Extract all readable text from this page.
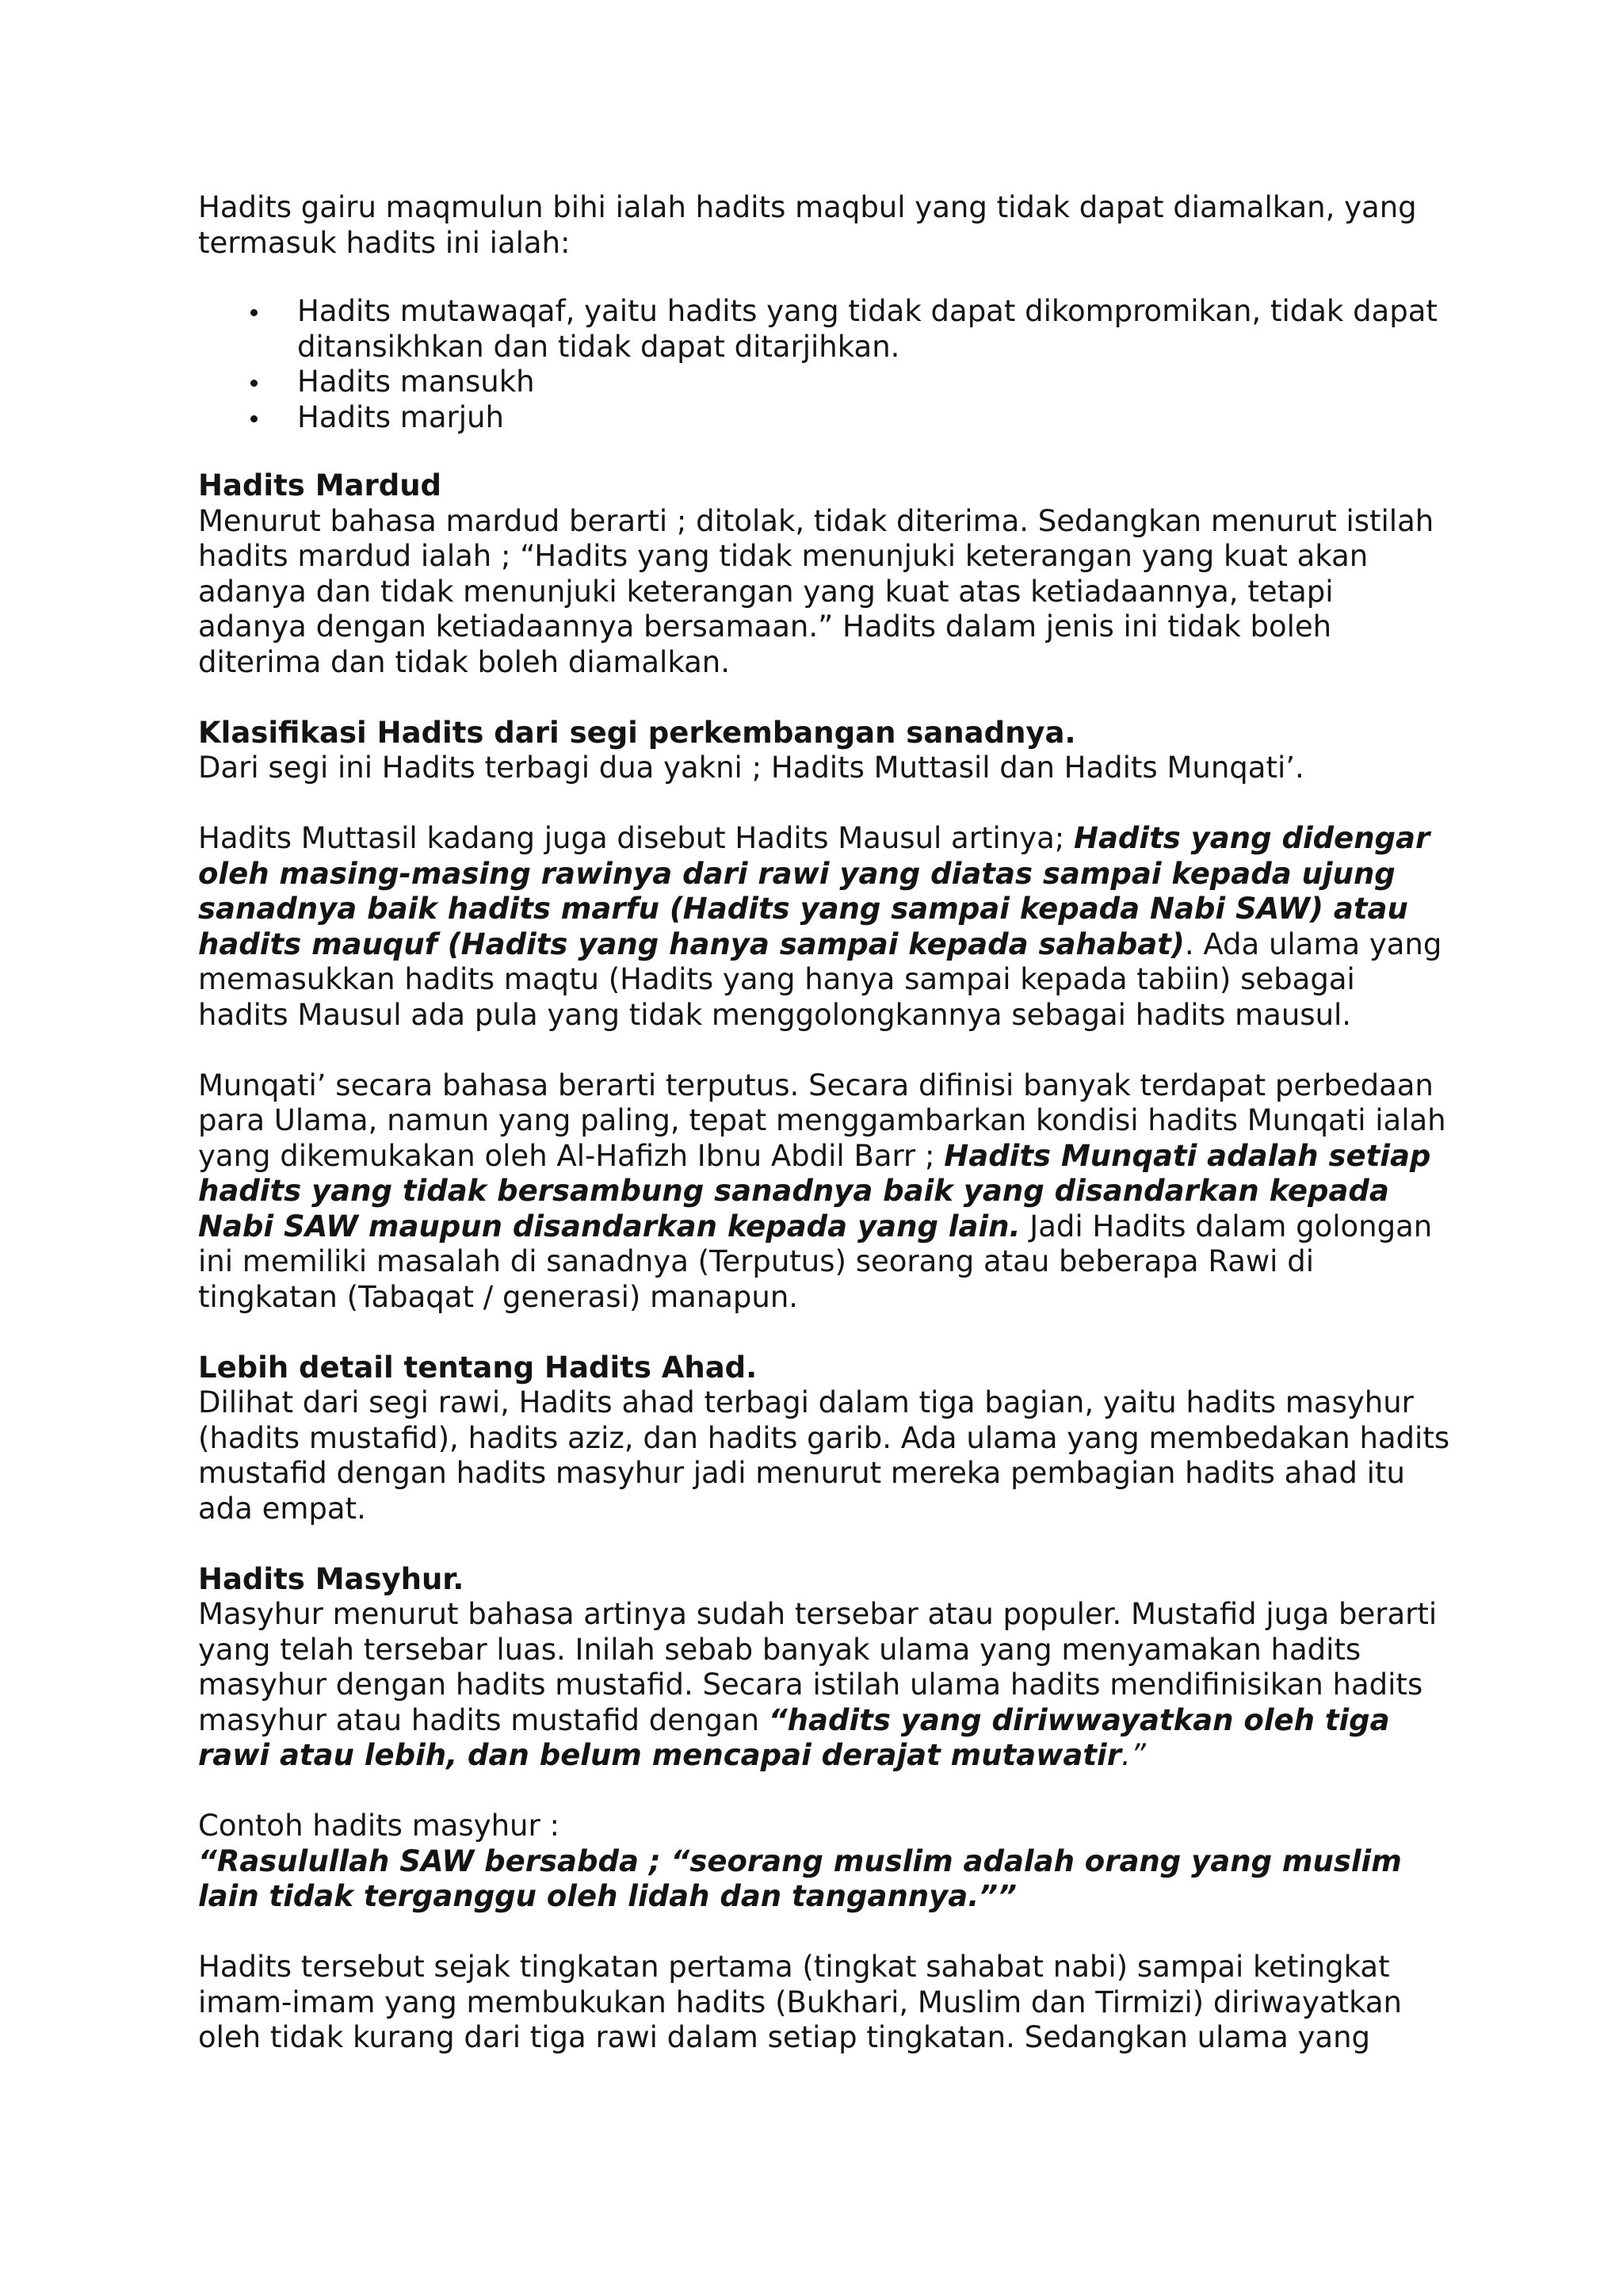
Hadits gairu maqmulun bihi ialah hadits maqbul yang tidak dapat diamalkan, yang termasuk hadits ini ialah:

Hadits mutawaqaf, yaitu hadits yang tidak dapat dikompromikan, tidak dapat ditansikhkan dan tidak dapat ditarjihkan.
Hadits mansukh
Hadits marjuh
Hadits Mardud

Menurut bahasa mardud berarti ; ditolak, tidak diterima. Sedangkan menurut istilah hadits mardud ialah ; “Hadits yang tidak menunjuki keterangan yang kuat akan adanya dan tidak menunjuki keterangan yang kuat atas ketiadaannya, tetapi adanya dengan ketiadaannya bersamaan.” Hadits dalam jenis ini tidak boleh diterima dan tidak boleh diamalkan.

Klasifikasi Hadits dari segi perkembangan sanadnya.

Dari segi ini Hadits terbagi dua yakni ; Hadits Muttasil dan Hadits Munqati’.

Hadits Muttasil kadang juga disebut Hadits Mausul artinya; Hadits yang didengar oleh masing-masing rawinya dari rawi yang diatas sampai kepada ujung sanadnya baik hadits marfu (Hadits yang sampai kepada Nabi SAW) atau hadits mauquf (Hadits yang hanya sampai kepada sahabat). Ada ulama yang memasukkan hadits maqtu (Hadits yang hanya sampai kepada tabiin) sebagai hadits Mausul ada pula yang tidak menggolongkannya sebagai hadits mausul.

Munqati’ secara bahasa berarti terputus. Secara difinisi banyak terdapat perbedaan para Ulama, namun yang paling, tepat menggambarkan kondisi hadits Munqati ialah yang dikemukakan oleh Al-Hafizh Ibnu Abdil Barr ; Hadits Munqati adalah setiap hadits yang tidak bersambung sanadnya baik yang disandarkan kepada Nabi SAW maupun disandarkan kepada yang lain. Jadi Hadits dalam golongan ini memiliki masalah di sanadnya (Terputus) seorang atau beberapa Rawi di tingkatan (Tabaqat / generasi) manapun.

Lebih detail tentang Hadits Ahad.

Dilihat dari segi rawi, Hadits ahad terbagi dalam tiga bagian, yaitu hadits masyhur (hadits mustafid), hadits aziz, dan hadits garib. Ada ulama yang membedakan hadits mustafid dengan hadits masyhur jadi menurut mereka pembagian hadits ahad itu ada empat.

Hadits Masyhur.

Masyhur menurut bahasa artinya sudah tersebar atau populer. Mustafid juga berarti yang telah tersebar luas. Inilah sebab banyak ulama yang menyamakan hadits masyhur dengan hadits mustafid. Secara istilah ulama hadits mendifinisikan hadits masyhur atau hadits mustafid dengan “hadits yang diriwwayatkan oleh tiga rawi atau lebih, dan belum mencapai derajat mutawatir.”

Contoh hadits masyhur :

“Rasulullah SAW bersabda ; “seorang muslim adalah orang yang muslim lain tidak terganggu oleh lidah dan tangannya.””

Hadits tersebut sejak tingkatan pertama (tingkat sahabat nabi) sampai ketingkat imam-imam yang membukukan hadits (Bukhari, Muslim dan Tirmizi) diriwayatkan oleh tidak kurang dari tiga rawi dalam setiap tingkatan. Sedangkan ulama yang
